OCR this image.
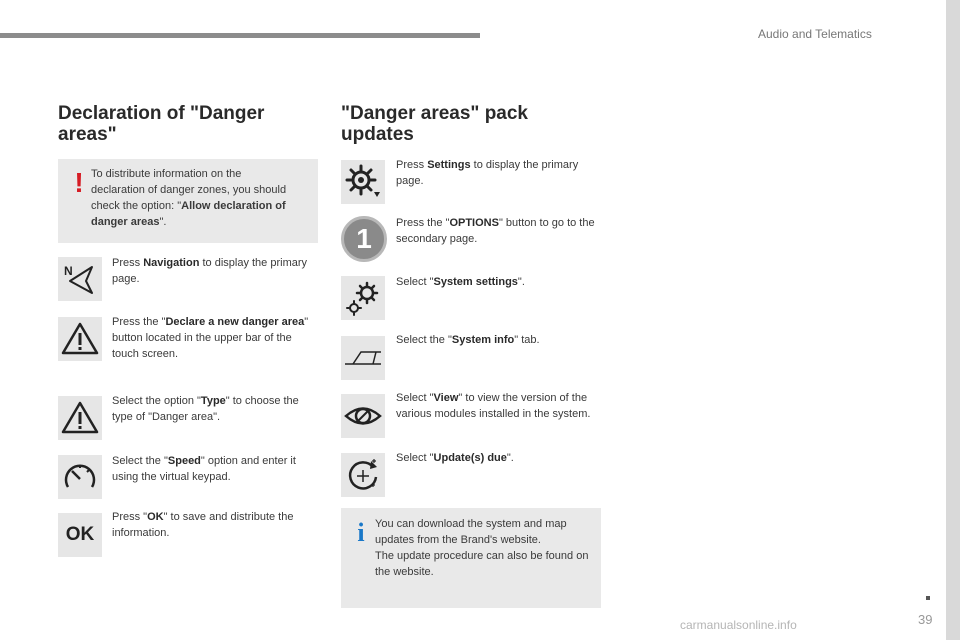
Audio and Telematics
Declaration of "Danger areas"
! To distribute information on the declaration of danger zones, you should check the option: "Allow declaration of danger areas".
N
Press Navigation to display the primary page.
Press the "Declare a new danger area" button located in the upper bar of the touch screen.
Select the option "Type" to choose the type of "Danger area".
Select the "Speed" option and enter it using the virtual keypad.
OK
Press "OK" to save and distribute the information.
"Danger areas" pack updates
Press Settings to display the primary page.
1	Press the "OPTIONS" button to go to the secondary page.
Select "System settings".
Select the "System info" tab.
Select "View" to view the version of the various modules installed in the system.
Select "Update(s) due".
i You can download the system and map updates from the Brand's website.
The update procedure can also be found on the website.
39
carmanualsonline.info
